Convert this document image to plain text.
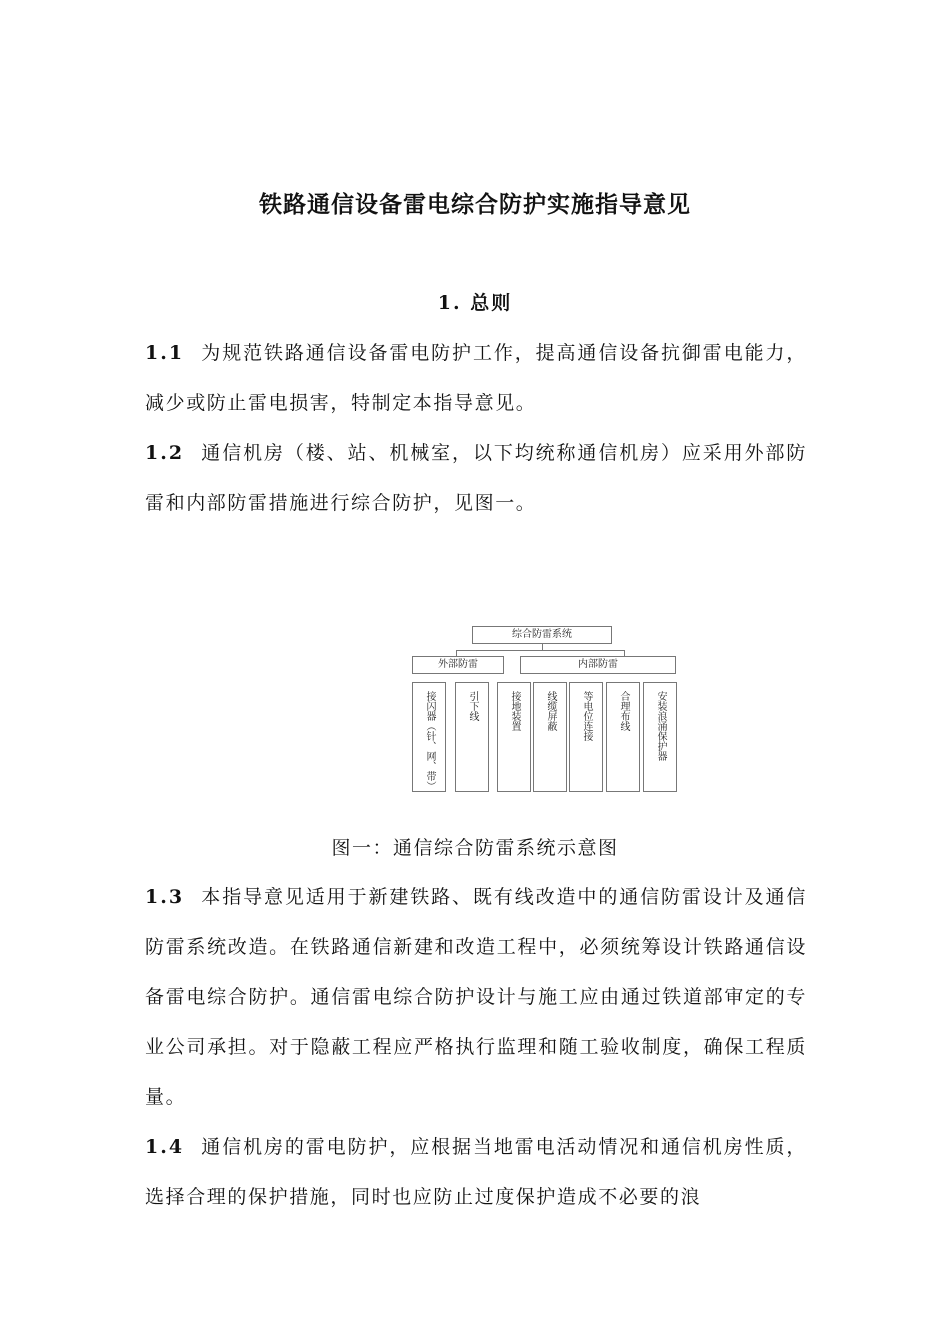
铁路通信设备雷电综合防护实施指导意见
1. 总则

1.1 为规范铁路通信设备雷电防护工作，提高通信设备抗御雷电能力，减少或防止雷电损害，特制定本指导意见。

1.2 通信机房（楼、站、机械室，以下均统称通信机房）应采用外部防雷和内部防雷措施进行综合防护，见图一。

综合防雷系统
外部防雷	内部防雷
接闪器（针、网、带）	引下线	接地装置	线缆屏蔽	等电位连接	合理布线	安装浪涌保护器
图一：通信综合防雷系统示意图

1.3 本指导意见适用于新建铁路、既有线改造中的通信防雷设计及通信防雷系统改造。在铁路通信新建和改造工程中，必须统筹设计铁路通信设备雷电综合防护。通信雷电综合防护设计与施工应由通过铁道部审定的专业公司承担。对于隐蔽工程应严格执行监理和随工验收制度，确保工程质量。

1.4 通信机房的雷电防护，应根据当地雷电活动情况和通信机房性质，选择合理的保护措施，同时也应防止过度保护造成不必要的浪
